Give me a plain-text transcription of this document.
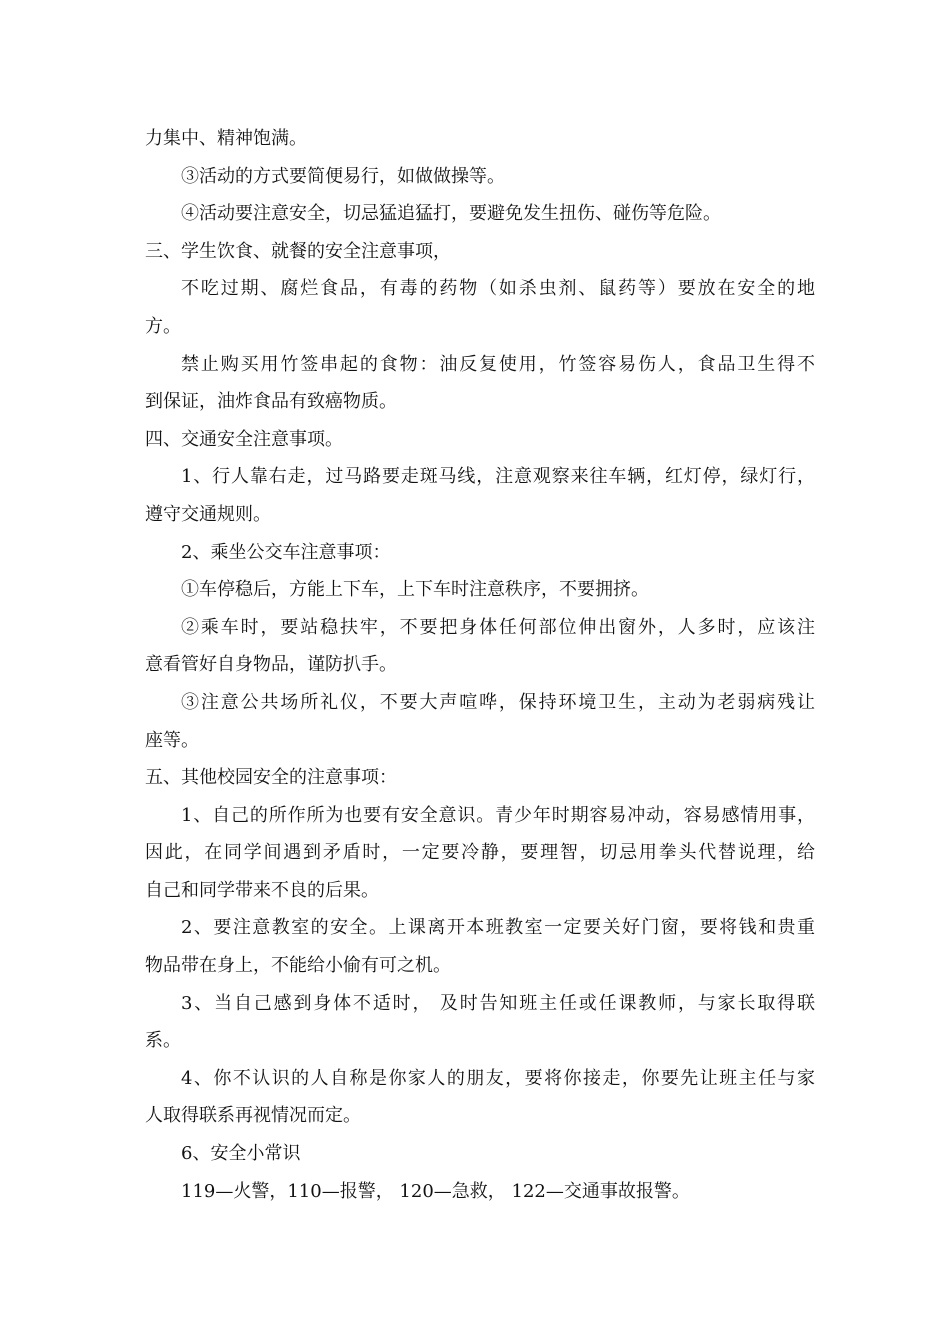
力集中、精神饱满。
③活动的方式要简便易行，如做做操等。
④活动要注意安全，切忌猛追猛打，要避免发生扭伤、碰伤等危险。
三、学生饮食、就餐的安全注意事项，
不吃过期、腐烂食品，有毒的药物（如杀虫剂、鼠药等）要放在安全的地
方。
禁止购买用竹签串起的食物：油反复使用，竹签容易伤人，食品卫生得不
到保证，油炸食品有致癌物质。
四、交通安全注意事项。
1、行人靠右走，过马路要走斑马线，注意观察来往车辆，红灯停，绿灯行，
遵守交通规则。
2、乘坐公交车注意事项：
①车停稳后，方能上下车，上下车时注意秩序，不要拥挤。
②乘车时，要站稳扶牢，不要把身体任何部位伸出窗外，人多时，应该注
意看管好自身物品，谨防扒手。
③注意公共场所礼仪，不要大声喧哗，保持环境卫生，主动为老弱病残让
座等。
五、其他校园安全的注意事项：
1、自己的所作所为也要有安全意识。青少年时期容易冲动，容易感情用事，
因此，在同学间遇到矛盾时，一定要冷静，要理智，切忌用拳头代替说理，给
自己和同学带来不良的后果。
2、要注意教室的安全。上课离开本班教室一定要关好门窗，要将钱和贵重
物品带在身上，不能给小偷有可之机。
3、当自己感到身体不适时， 及时告知班主任或任课教师，与家长取得联
系。
4、你不认识的人自称是你家人的朋友，要将你接走，你要先让班主任与家
人取得联系再视情况而定。
6、安全小常识
119—火警，110—报警， 120—急救， 122—交通事故报警。
